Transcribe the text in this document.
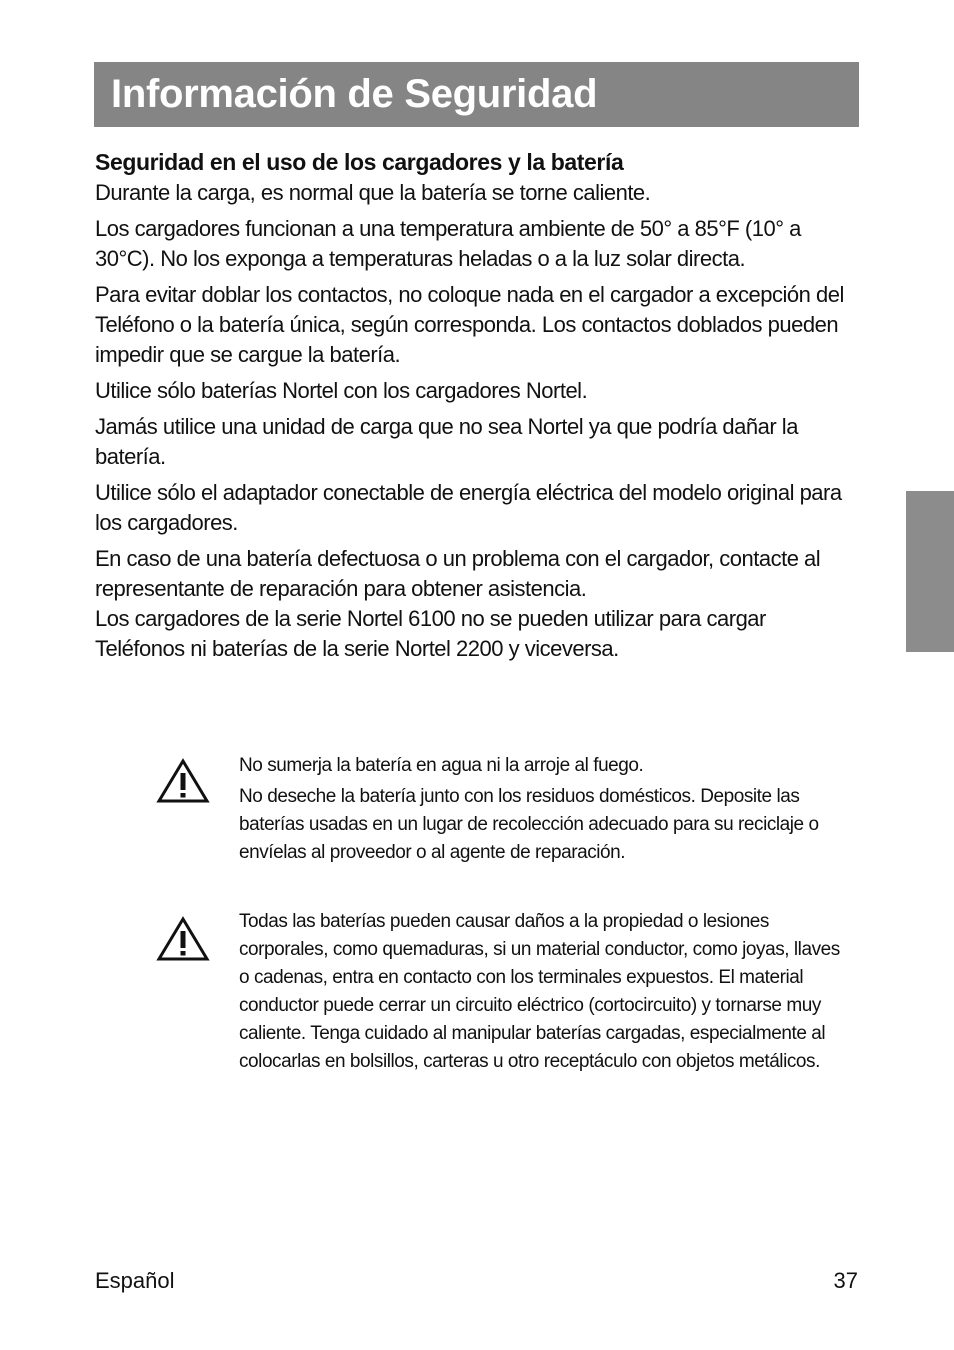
Información de Seguridad
Seguridad en el uso de los cargadores y la batería

Durante la carga, es normal que la batería se torne caliente.

Los cargadores funcionan a una temperatura ambiente de 50° a 85°F (10° a 30°C). No los exponga a temperaturas heladas o a la luz solar directa.

Para evitar doblar los contactos, no coloque nada en el cargador a excepción del Teléfono o la batería única, según corresponda. Los contactos doblados pueden impedir que se cargue la batería.

Utilice sólo baterías Nortel con los cargadores Nortel.

Jamás utilice una unidad de carga que no sea Nortel ya que podría dañar la batería.

Utilice sólo el adaptador conectable de energía eléctrica del modelo original para los cargadores.

En caso de una batería defectuosa o un problema con el cargador, contacte al representante de reparación para obtener asistencia.

Los cargadores de la serie Nortel 6100 no se pueden utilizar para cargar Teléfonos ni baterías de la serie Nortel 2200 y viceversa.

No sumerja la batería en agua ni la arroje al fuego.

No deseche la batería junto con los residuos domésticos. Deposite las baterías usadas en un lugar de recolección adecuado para su reciclaje o envíelas al proveedor o al agente de reparación.

Todas las baterías pueden causar daños a la propiedad o lesiones corporales, como quemaduras, si un material conductor, como joyas, llaves o cadenas, entra en contacto con los terminales expuestos. El material conductor puede cerrar un circuito eléctrico (cortocircuito) y tornarse muy caliente. Tenga cuidado al manipular baterías cargadas, especialmente al colocarlas en bolsillos, carteras u otro receptáculo con objetos metálicos.

Español	37
